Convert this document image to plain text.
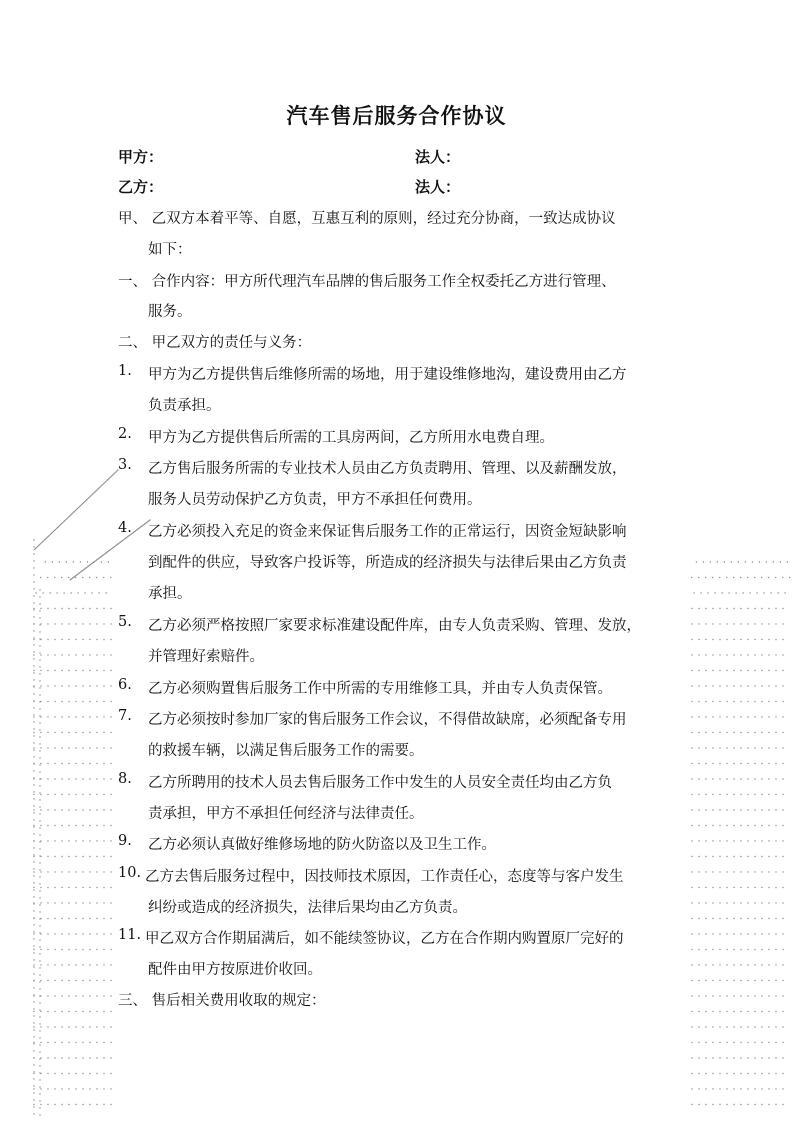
汽车售后服务合作协议
甲方：	法人：
乙方：	法人：
甲、 乙双方本着平等、自愿，互惠互利的原则，经过充分协商，一致达成协议
如下：
一、 合作内容：甲方所代理汽车品牌的售后服务工作全权委托乙方进行管理、
服务。
二、 甲乙双方的责任与义务：
1. 甲方为乙方提供售后维修所需的场地，用于建设维修地沟，建设费用由乙方
负责承担。
2. 甲方为乙方提供售后所需的工具房两间，乙方所用水电费自理。
3. 乙方售后服务所需的专业技术人员由乙方负责聘用、管理、以及薪酬发放，
服务人员劳动保护乙方负责，甲方不承担任何费用。
4. 乙方必须投入充足的资金来保证售后服务工作的正常运行，因资金短缺影响
到配件的供应，导致客户投诉等，所造成的经济损失与法律后果由乙方负责
承担。
5. 乙方必须严格按照厂家要求标准建设配件库，由专人负责采购、管理、发放，
并管理好索赔件。
6. 乙方必须购置售后服务工作中所需的专用维修工具，并由专人负责保管。
7. 乙方必须按时参加厂家的售后服务工作会议，不得借故缺席，必须配备专用
的救援车辆，以满足售后服务工作的需要。
8. 乙方所聘用的技术人员去售后服务工作中发生的人员安全责任均由乙方负
责承担，甲方不承担任何经济与法律责任。
9. 乙方必须认真做好维修场地的防火防盗以及卫生工作。
10. 乙方去售后服务过程中，因技师技术原因，工作责任心，态度等与客户发生
纠纷或造成的经济损失，法律后果均由乙方负责。
11. 甲乙双方合作期届满后，如不能续签协议，乙方在合作期内购置原厂完好的
配件由甲方按原进价收回。
三、 售后相关费用收取的规定：
